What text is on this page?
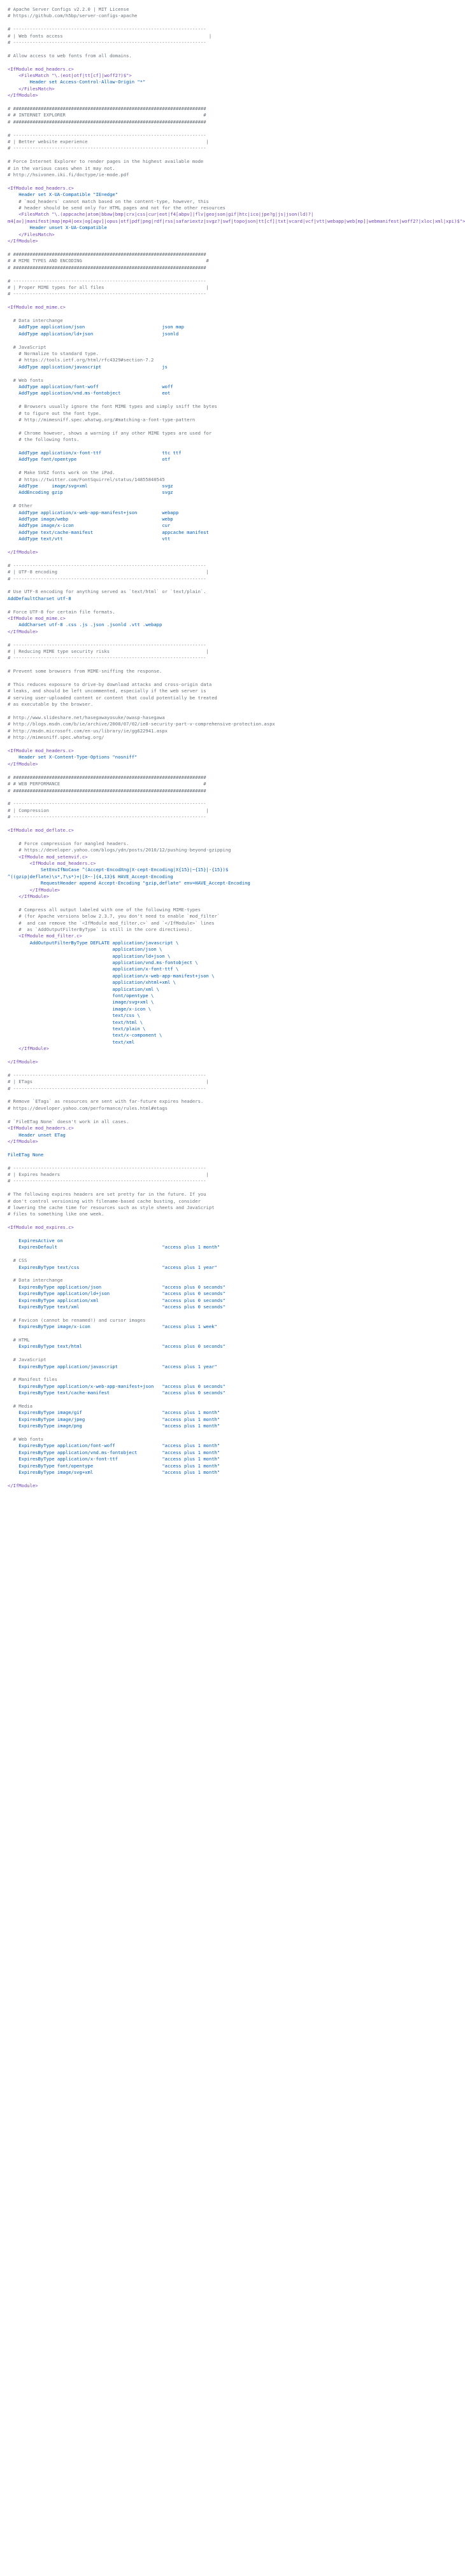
# Apache Server Configs v2.2.0 | MIT License
# https://github.com/h5bp/server-configs-apache
# ----------------------------------------------------------------------
# | Web fonts access                                                     |
# ----------------------------------------------------------------------
# Allow access to web fonts from all domains.
<IfModule mod_headers.c>
<FilesMatch "\.(eot|otf|tt[cf]|woff2?)$">
Header set Access-Control-Allow-Origin "*"
</FilesMatch>
</IfModule>
# ######################################################################
# # INTERNET EXPLORER                                                  #
# ######################################################################
# ----------------------------------------------------------------------
# | Better website experience                                           |
# ----------------------------------------------------------------------
# Force Internet Explorer to render pages in the highest available mode
# in the various cases when it may not.
# http://hsivonen.iki.fi/doctype/ie-mode.pdf
<IfModule mod_headers.c>
Header set X-UA-Compatible "IE=edge"
# `mod_headers` cannot match based on the content-type, however, this
# header should be send only for HTML pages and not for the other resources
<FilesMatch "\.(appcache|atom|bbaw|bmp|crx|css|cur|eot|f4[abpv]|flv|geojson|gif|htc|ico|jpe?g|js|json(ld)?|
m4[av]|manifest|map|mp4|oex|og[agv]|opus|otf|pdf|png|rdf|rss|safariextz|svgz?|swf|topojson|tt[cf]|txt|vcard|vcf|vtt|webapp|web[mp]|webmanifest|woff2?|xloc|xml|xpi)$">
Header unset X-UA-Compatible
</FilesMatch>
</IfModule>
# ######################################################################
# # MIME TYPES AND ENCODING                                             #
# ######################################################################
# ----------------------------------------------------------------------
# | Proper MIME types for all files                                     |
# ----------------------------------------------------------------------
<IfModule mod_mime.c>
# Data interchange
AddType application/json                            json map
AddType application/ld+json                         jsonld
# JavaScript
# Normalize to standard type.
# https://tools.ietf.org/html/rfc4329#section-7.2
AddType application/javascript                      js
# Web fonts
AddType application/font-woff                       woff
AddType application/vnd.ms-fontobject               eot
# Browsers usually ignore the font MIME types and simply sniff the bytes
# to figure out the font type.
# http://mimesniff.spec.whatwg.org/#matching-a-font-type-pattern
# Chrome however, shows a warning if any other MIME types are used for
# the following fonts.
AddType application/x-font-ttf                      ttc ttf
AddType font/opentype                               otf
# Make SVGZ fonts work on the iPad.
# https://twitter.com/FontSquirrel/status/14855840545
AddType     image/svg+xml                           svgz
AddEncoding gzip                                    svgz
# Other
AddType application/x-web-app-manifest+json         webapp
AddType image/webp                                  webp
AddType image/x-icon                                cur
AddType text/cache-manifest                         appcache manifest
AddType text/vtt                                    vtt
</IfModule>
# ----------------------------------------------------------------------
# | UTF-8 encoding                                                      |
# ----------------------------------------------------------------------
# Use UTF-8 encoding for anything served as `text/html` or `text/plain`.
AddDefaultCharset utf-8
# Force UTF-8 for certain file formats.
<IfModule mod_mime.c>
AddCharset utf-8 .css .js .json .jsonld .vtt .webapp
</IfModule>
# ----------------------------------------------------------------------
# | Reducing MIME type security risks                                   |
# ----------------------------------------------------------------------
# Prevent some browsers from MIME-sniffing the response.
# This reduces exposure to drive-by download attacks and cross-origin data
# leaks, and should be left uncommented, especially if the web server is
# serving user-uploaded content or content that could potentially be treated
# as executable by the browser.
# http://www.slideshare.net/hasegawayosuke/owasp-hasegawa
# http://blogs.msdn.com/b/ie/archive/2008/07/02/ie8-security-part-v-comprehensive-protection.aspx
# http://msdn.microsoft.com/en-us/library/ie/gg622941.aspx
# http://mimesniff.spec.whatwg.org/
<IfModule mod_headers.c>
Header set X-Content-Type-Options "nosniff"
</IfModule>
# ######################################################################
# # WEB PERFORMANCE                                                    #
# ######################################################################
# ----------------------------------------------------------------------
# | Compression                                                         |
# ----------------------------------------------------------------------
<IfModule mod_deflate.c>
# Force compression for mangled headers.
# https://developer.yahoo.com/blogs/ydn/posts/2010/12/pushing-beyond-gzipping
<IfModule mod_setenvif.c>
<IfModule mod_headers.c>
SetEnvIfNoCase ^(Accept-EncodXng|X-cept-Encoding|X{15}|~{15}|-{15})$
^((gzip|deflate)\s*,?\s*)+|[X~-]{4,13}$ HAVE_Accept-Encoding
RequestHeader append Accept-Encoding "gzip,deflate" env=HAVE_Accept-Encoding
</IfModule>
</IfModule>
# Compress all output labeled with one of the following MIME-types
# (for Apache versions below 2.3.7, you don't need to enable `mod_filter`
#  and can remove the `<IfModule mod_filter.c>` and `</IfModule>` lines
#  as `AddOutputFilterByType` is still in the core directives).
<IfModule mod_filter.c>
AddOutputFilterByType DEFLATE application/javascript \
application/json \
application/ld+json \
application/vnd.ms-fontobject \
application/x-font-ttf \
application/x-web-app-manifest+json \
application/xhtml+xml \
application/xml \
font/opentype \
image/svg+xml \
image/x-icon \
text/css \
text/html \
text/plain \
text/x-component \
text/xml
</IfModule>
</IfModule>
# ----------------------------------------------------------------------
# | ETags                                                               |
# ----------------------------------------------------------------------
# Remove `ETags` as resources are sent with far-future expires headers.
# https://developer.yahoo.com/performance/rules.html#etags
# `FileETag None` doesn't work in all cases.
<IfModule mod_headers.c>
Header unset ETag
</IfModule>
FileETag None
# ----------------------------------------------------------------------
# | Expires headers                                                     |
# ----------------------------------------------------------------------
# The following expires headers are set pretty far in the future. If you
# don't control versioning with filename-based cache busting, consider
# lowering the cache time for resources such as style sheets and JavaScript
# files to something like one week.
<IfModule mod_expires.c>
ExpiresActive on
ExpiresDefault                                      "access plus 1 month"
# CSS
ExpiresByType text/css                              "access plus 1 year"
# Data interchange
ExpiresByType application/json                      "access plus 0 seconds"
ExpiresByType application/ld+json                   "access plus 0 seconds"
ExpiresByType application/xml                       "access plus 0 seconds"
ExpiresByType text/xml                              "access plus 0 seconds"
# Favicon (cannot be renamed!) and cursor images
ExpiresByType image/x-icon                          "access plus 1 week"
# HTML
ExpiresByType text/html                             "access plus 0 seconds"
# JavaScript
ExpiresByType application/javascript                "access plus 1 year"
# Manifest files
ExpiresByType application/x-web-app-manifest+json   "access plus 0 seconds"
ExpiresByType text/cache-manifest                   "access plus 0 seconds"
# Media
ExpiresByType image/gif                             "access plus 1 month"
ExpiresByType image/jpeg                            "access plus 1 month"
ExpiresByType image/png                             "access plus 1 month"
# Web fonts
ExpiresByType application/font-woff                 "access plus 1 month"
ExpiresByType application/vnd.ms-fontobject         "access plus 1 month"
ExpiresByType application/x-font-ttf                "access plus 1 month"
ExpiresByType font/opentype                         "access plus 1 month"
ExpiresByType image/svg+xml                         "access plus 1 month"
</IfModule>
